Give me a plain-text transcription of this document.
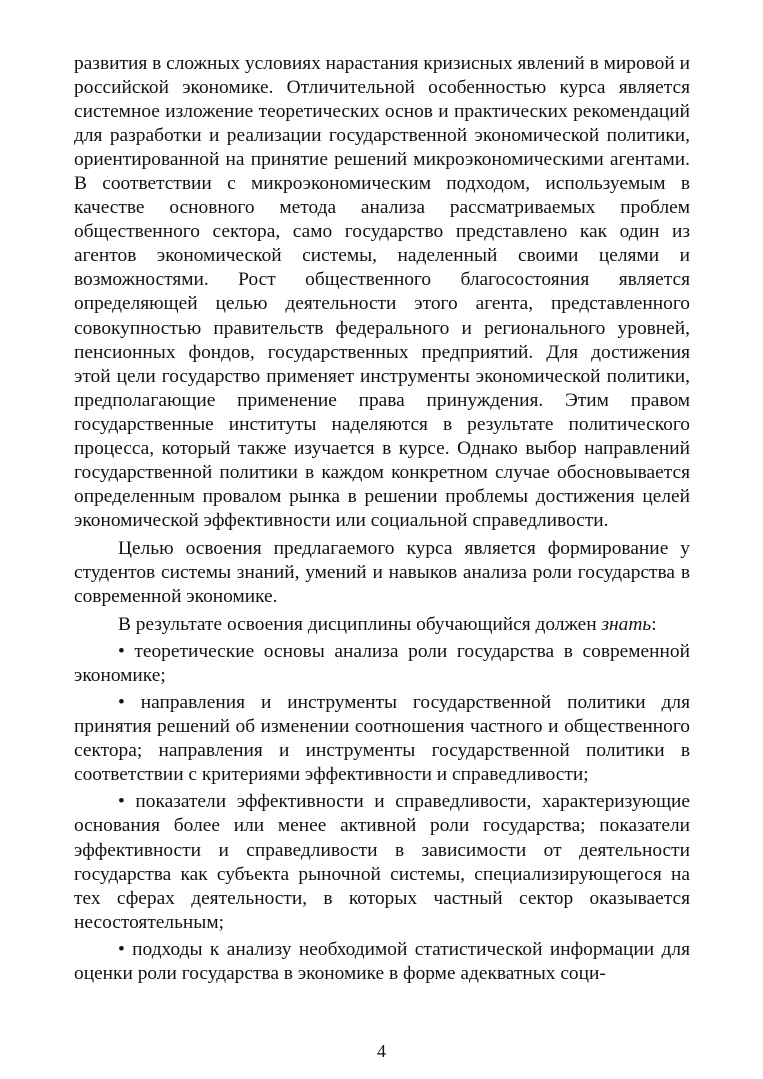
развития в сложных условиях нарастания кризисных явлений в мировой и российской экономике. Отличительной особенностью курса является системное изложение теоретических основ и практических рекомендаций для разработки и реализации государственной экономической политики, ориентированной на принятие решений микроэкономическими агентами. В соответствии с микроэкономическим подходом, используемым в качестве основного метода анализа рассматриваемых проблем общественного сектора, само государство представлено как один из агентов экономической системы, наделенный своими целями и возможностями. Рост общественного благосостояния является определяющей целью деятельности этого агента, представленного совокупностью правительств федерального и регионального уровней, пенсионных фондов, государственных предприятий. Для достижения этой цели государство применяет инструменты экономической политики, предполагающие применение права принуждения. Этим правом государственные институты наделяются в результате политического процесса, который также изучается в курсе. Однако выбор направлений государственной политики в каждом конкретном случае обосновывается определенным провалом рынка в решении проблемы достижения целей экономической эффективности или социальной справедливости.

Целью освоения предлагаемого курса является формирование у студентов системы знаний, умений и навыков анализа роли государства в современной экономике.

В результате освоения дисциплины обучающийся должен знать:

• теоретические основы анализа роли государства в современной экономике;

• направления и инструменты государственной политики для принятия решений об изменении соотношения частного и общественного сектора; направления и инструменты государственной политики в соответствии с критериями эффективности и справедливости;

• показатели эффективности и справедливости, характеризующие основания более или менее активной роли государства; показатели эффективности и справедливости в зависимости от деятельности государства как субъекта рыночной системы, специализирующегося на тех сферах деятельности, в которых частный сектор оказывается несостоятельным;

• подходы к анализу необходимой статистической информации для оценки роли государства в экономике в форме адекватных соци-

4
